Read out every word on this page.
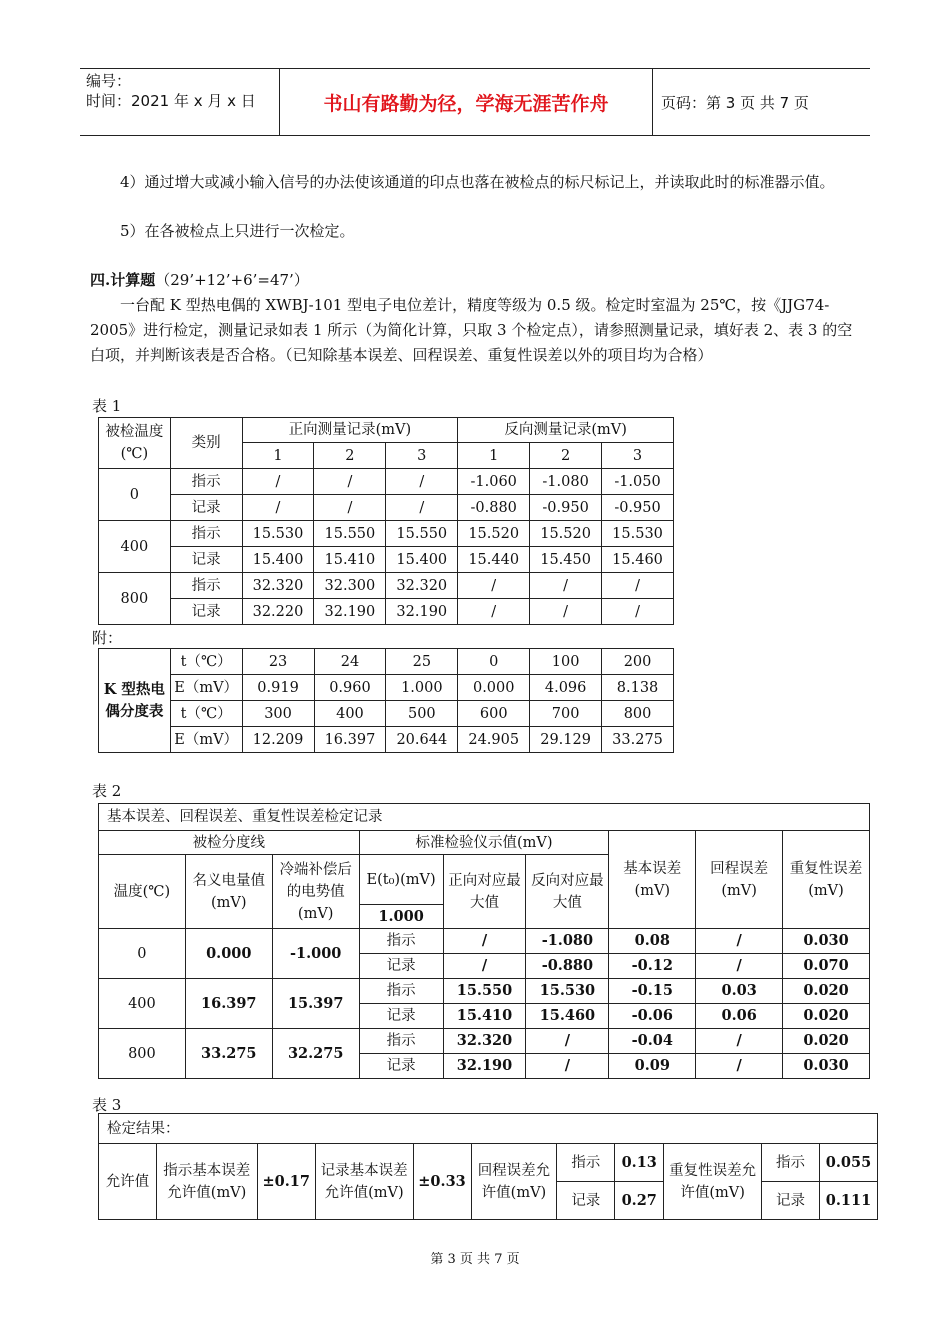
编号：
时间：2021 年 x 月 x 日	书山有路勤为径，学海无涯苦作舟	页码：第 3 页 共 7 页
4）通过增大或减小输入信号的办法使该通道的印点也落在被检点的标尺标记上，并读取此时的标准器示值。
5）在各被检点上只进行一次检定。
四.计算题（29’+12’+6’=47’）
一台配 K 型热电偶的 XWBJ-101 型电子电位差计，精度等级为 0.5 级。检定时室温为 25℃，按《JJG74-2005》进行检定，测量记录如表 1 所示（为简化计算，只取 3 个检定点），请参照测量记录，填好表 2、表 3 的空白项，并判断该表是否合格。（已知除基本误差、回程误差、重复性误差以外的项目均为合格）
表 1
被检温度(℃)	类别	正向测量记录(mV)			反向测量记录(mV)		
		1	2	3	1	2	3
0	指示	/	/	/	-1.060	-1.080	-1.050
	记录	/	/	/	-0.880	-0.950	-0.950
400	指示	15.530	15.550	15.550	15.520	15.520	15.530
	记录	15.400	15.410	15.400	15.440	15.450	15.460
800	指示	32.320	32.300	32.320	/	/	/
	记录	32.220	32.190	32.190	/	/	/
附：
K 型热电偶分度表	t（℃）	23	24	25	0	100	200
	E（mV）	0.919	0.960	1.000	0.000	4.096	8.138
	t（℃）	300	400	500	600	700	800
	E（mV）	12.209	16.397	20.644	24.905	29.129	33.275
表 2
基本误差、回程误差、重复性误差检定记录								
被检分度线			标准检验仪示值(mV)			基本误差(mV)	回程误差(mV)	重复性误差(mV)
温度(℃)	名义电量值(mV)	冷端补偿后的电势值(mV)	E(t₀)(mV)	正向对应最大值	反向对应最大值			
			1.000					
0	0.000	-1.000	指示	/	-1.080	0.08	/	0.030
			记录	/	-0.880	-0.12	/	0.070
400	16.397	15.397	指示	15.550	15.530	-0.15	0.03	0.020
			记录	15.410	15.460	-0.06	0.06	0.020
800	33.275	32.275	指示	32.320	/	-0.04	/	0.020
			记录	32.190	/	0.09	/	0.030
表 3
检定结果：										
允许值	指示基本误差允许值(mV)	±0.17	记录基本误差允许值(mV)	±0.33	回程误差允许值(mV)	指示	0.13	重复性误差允许值(mV)	指示	0.055
						记录	0.27		记录	0.111
第 3 页 共 7 页
